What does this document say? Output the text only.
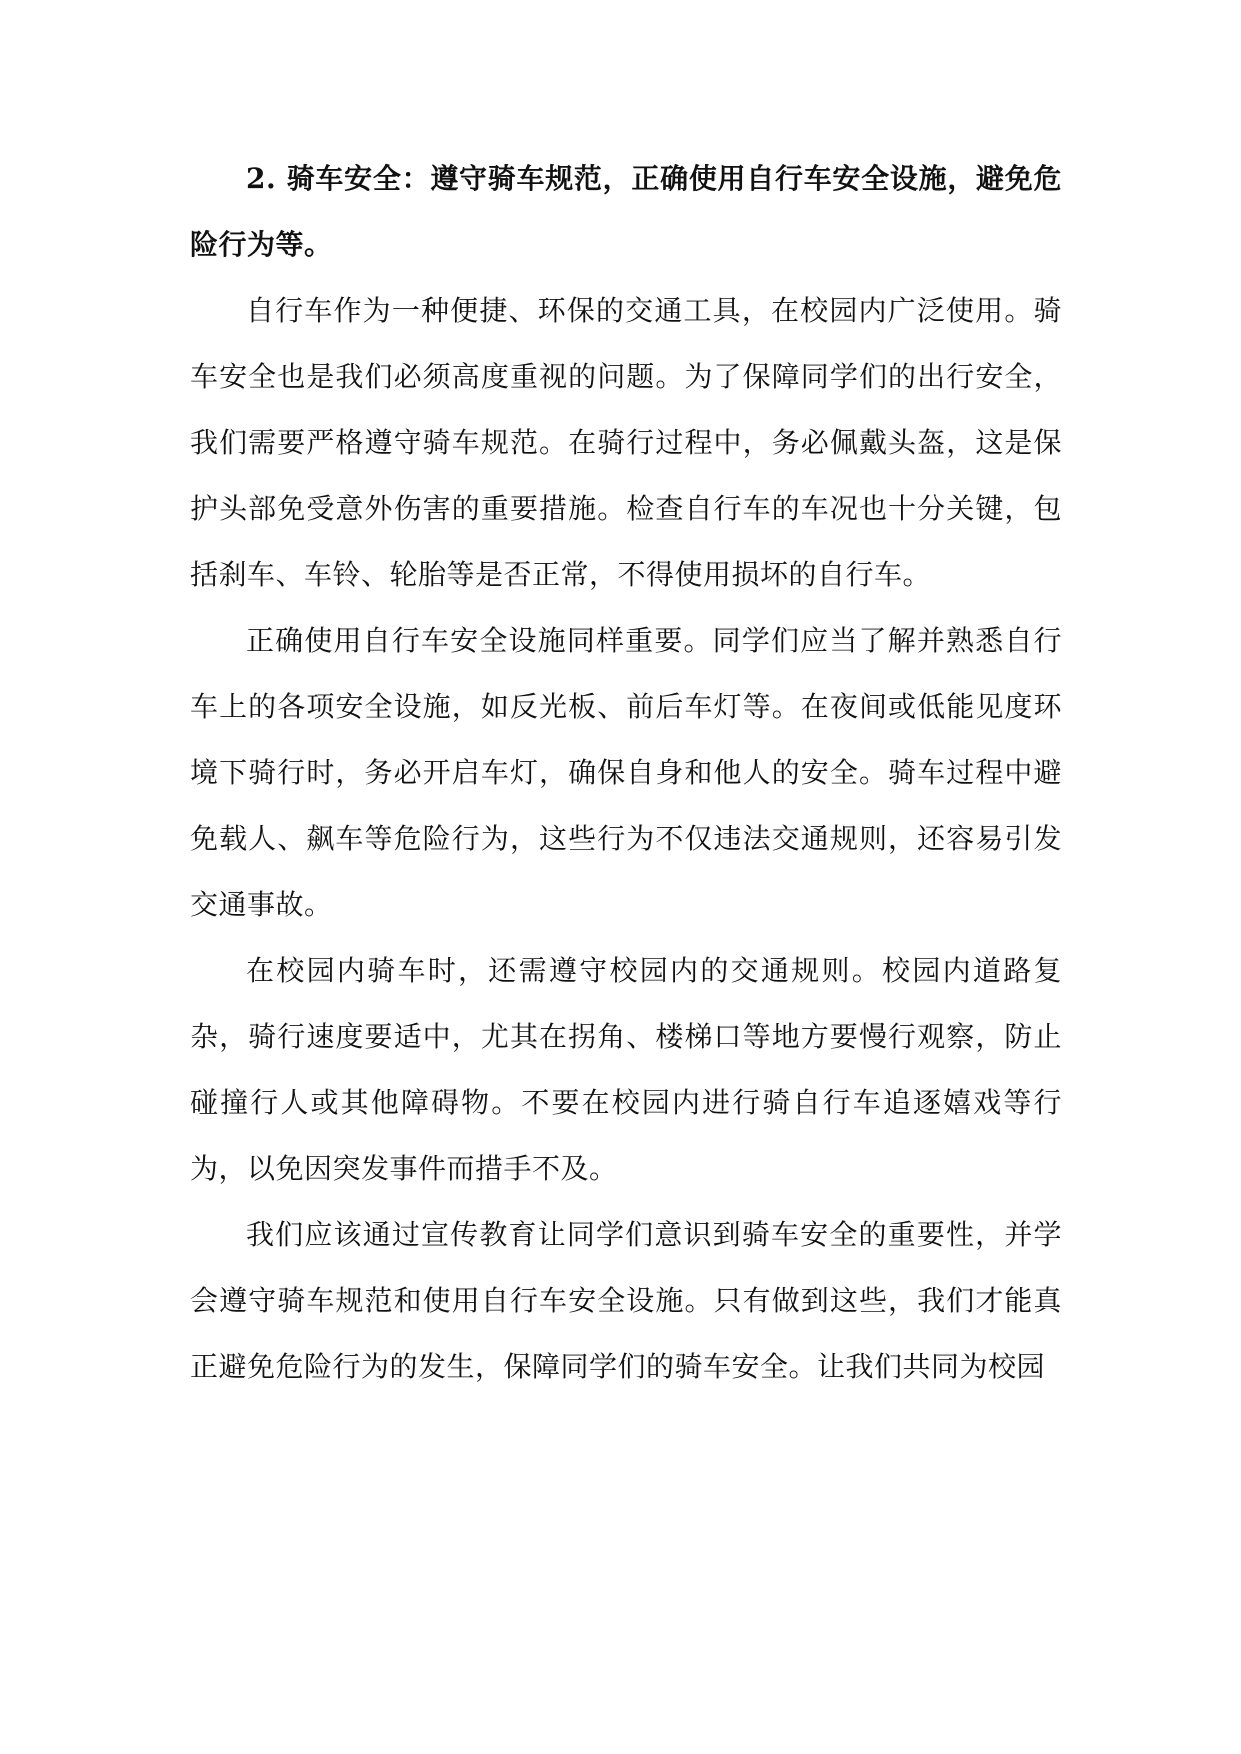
2. 骑车安全：遵守骑车规范，正确使用自行车安全设施，避免危险行为等。

自行车作为一种便捷、环保的交通工具，在校园内广泛使用。骑车安全也是我们必须高度重视的问题。为了保障同学们的出行安全，我们需要严格遵守骑车规范。在骑行过程中，务必佩戴头盔，这是保护头部免受意外伤害的重要措施。检查自行车的车况也十分关键，包括刹车、车铃、轮胎等是否正常，不得使用损坏的自行车。

正确使用自行车安全设施同样重要。同学们应当了解并熟悉自行车上的各项安全设施，如反光板、前后车灯等。在夜间或低能见度环境下骑行时，务必开启车灯，确保自身和他人的安全。骑车过程中避免载人、飙车等危险行为，这些行为不仅违法交通规则，还容易引发交通事故。

在校园内骑车时，还需遵守校园内的交通规则。校园内道路复杂，骑行速度要适中，尤其在拐角、楼梯口等地方要慢行观察，防止碰撞行人或其他障碍物。不要在校园内进行骑自行车追逐嬉戏等行为，以免因突发事件而措手不及。

我们应该通过宣传教育让同学们意识到骑车安全的重要性，并学会遵守骑车规范和使用自行车安全设施。只有做到这些，我们才能真正避免危险行为的发生，保障同学们的骑车安全。让我们共同为校园
